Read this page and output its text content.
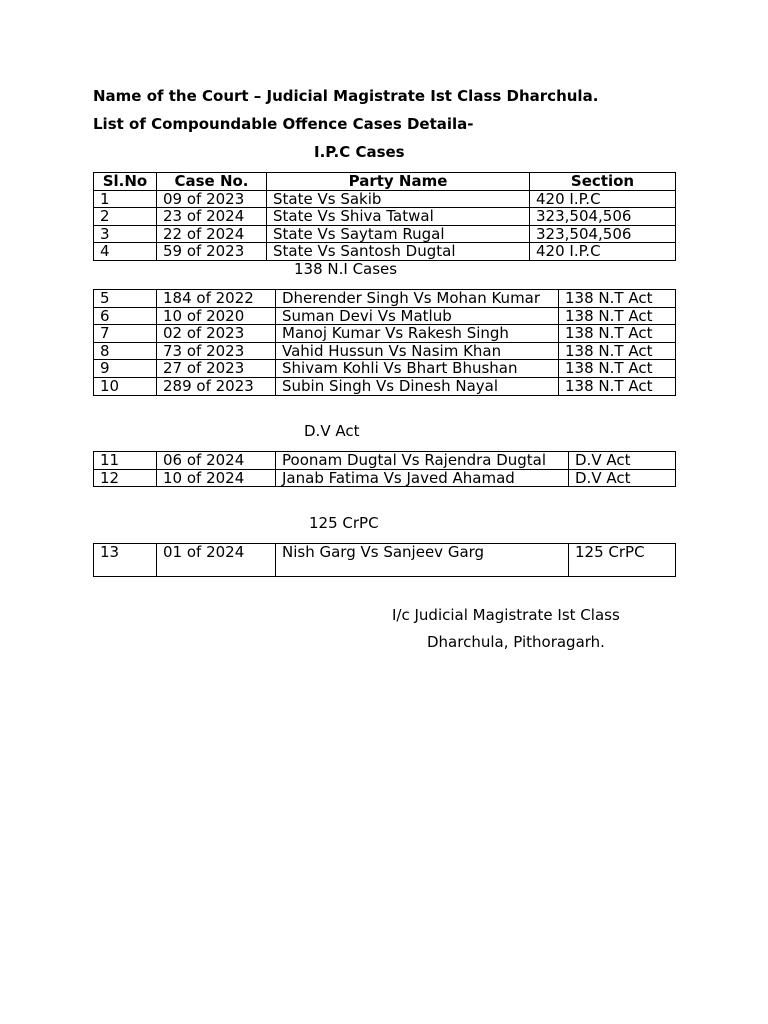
Name of the Court – Judicial Magistrate Ist Class Dharchula.
List of Compoundable Offence Cases Detaila-
I.P.C Cases
Sl.No	Case No.	Party Name	Section
1	09 of 2023	State Vs Sakib	420 I.P.C
2	23 of 2024	State Vs Shiva Tatwal	323,504,506
3	22 of 2024	State Vs Saytam Rugal	323,504,506
4	59 of 2023	State Vs Santosh Dugtal	420 I.P.C
138 N.I Cases
5	184 of 2022	Dherender Singh Vs Mohan Kumar	138 N.T Act
6	10 of 2020	Suman Devi Vs Matlub	138 N.T Act
7	02 of 2023	Manoj Kumar Vs Rakesh Singh	138 N.T Act
8	73 of 2023	Vahid Hussun Vs Nasim Khan	138 N.T Act
9	27 of 2023	Shivam Kohli Vs Bhart Bhushan	138 N.T Act
10	289 of 2023	Subin Singh Vs Dinesh Nayal	138 N.T Act
D.V Act
11	06 of 2024	Poonam Dugtal Vs Rajendra Dugtal	D.V Act
12	10 of 2024	Janab Fatima Vs Javed Ahamad	D.V Act
125 CrPC
13	01 of 2024	Nish Garg Vs Sanjeev Garg	125 CrPC
I/c Judicial Magistrate Ist Class
Dharchula, Pithoragarh.
